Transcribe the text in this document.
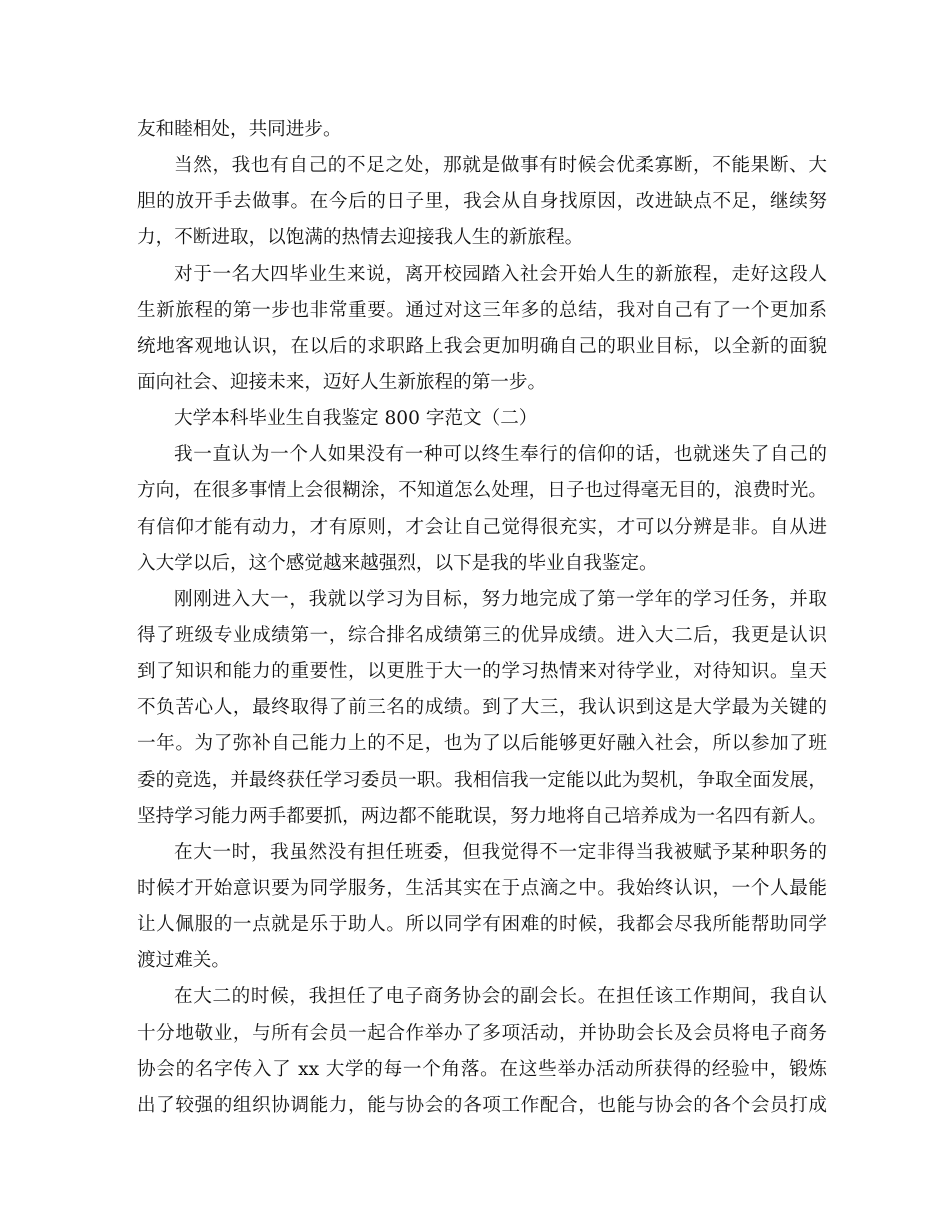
友和睦相处，共同进步。
当然，我也有自己的不足之处，那就是做事有时候会优柔寡断，不能果断、大
胆的放开手去做事。在今后的日子里，我会从自身找原因，改进缺点不足，继续努
力，不断进取，以饱满的热情去迎接我人生的新旅程。
对于一名大四毕业生来说，离开校园踏入社会开始人生的新旅程，走好这段人
生新旅程的第一步也非常重要。通过对这三年多的总结，我对自己有了一个更加系
统地客观地认识，在以后的求职路上我会更加明确自己的职业目标，以全新的面貌
面向社会、迎接未来，迈好人生新旅程的第一步。
大学本科毕业生自我鉴定 800 字范文（二）
我一直认为一个人如果没有一种可以终生奉行的信仰的话，也就迷失了自己的
方向，在很多事情上会很糊涂，不知道怎么处理，日子也过得毫无目的，浪费时光。
有信仰才能有动力，才有原则，才会让自己觉得很充实，才可以分辨是非。自从进
入大学以后，这个感觉越来越强烈，以下是我的毕业自我鉴定。
刚刚进入大一，我就以学习为目标，努力地完成了第一学年的学习任务，并取
得了班级专业成绩第一，综合排名成绩第三的优异成绩。进入大二后，我更是认识
到了知识和能力的重要性，以更胜于大一的学习热情来对待学业，对待知识。皇天
不负苦心人，最终取得了前三名的成绩。到了大三，我认识到这是大学最为关键的
一年。为了弥补自己能力上的不足，也为了以后能够更好融入社会，所以参加了班
委的竞选，并最终获任学习委员一职。我相信我一定能以此为契机，争取全面发展，
坚持学习能力两手都要抓，两边都不能耽误，努力地将自己培养成为一名四有新人。
在大一时，我虽然没有担任班委，但我觉得不一定非得当我被赋予某种职务的
时候才开始意识要为同学服务，生活其实在于点滴之中。我始终认识，一个人最能
让人佩服的一点就是乐于助人。所以同学有困难的时候，我都会尽我所能帮助同学
渡过难关。
在大二的时候，我担任了电子商务协会的副会长。在担任该工作期间，我自认
十分地敬业，与所有会员一起合作举办了多项活动，并协助会长及会员将电子商务
协会的名字传入了 xx 大学的每一个角落。在这些举办活动所获得的经验中，锻炼
出了较强的组织协调能力，能与协会的各项工作配合，也能与协会的各个会员打成
